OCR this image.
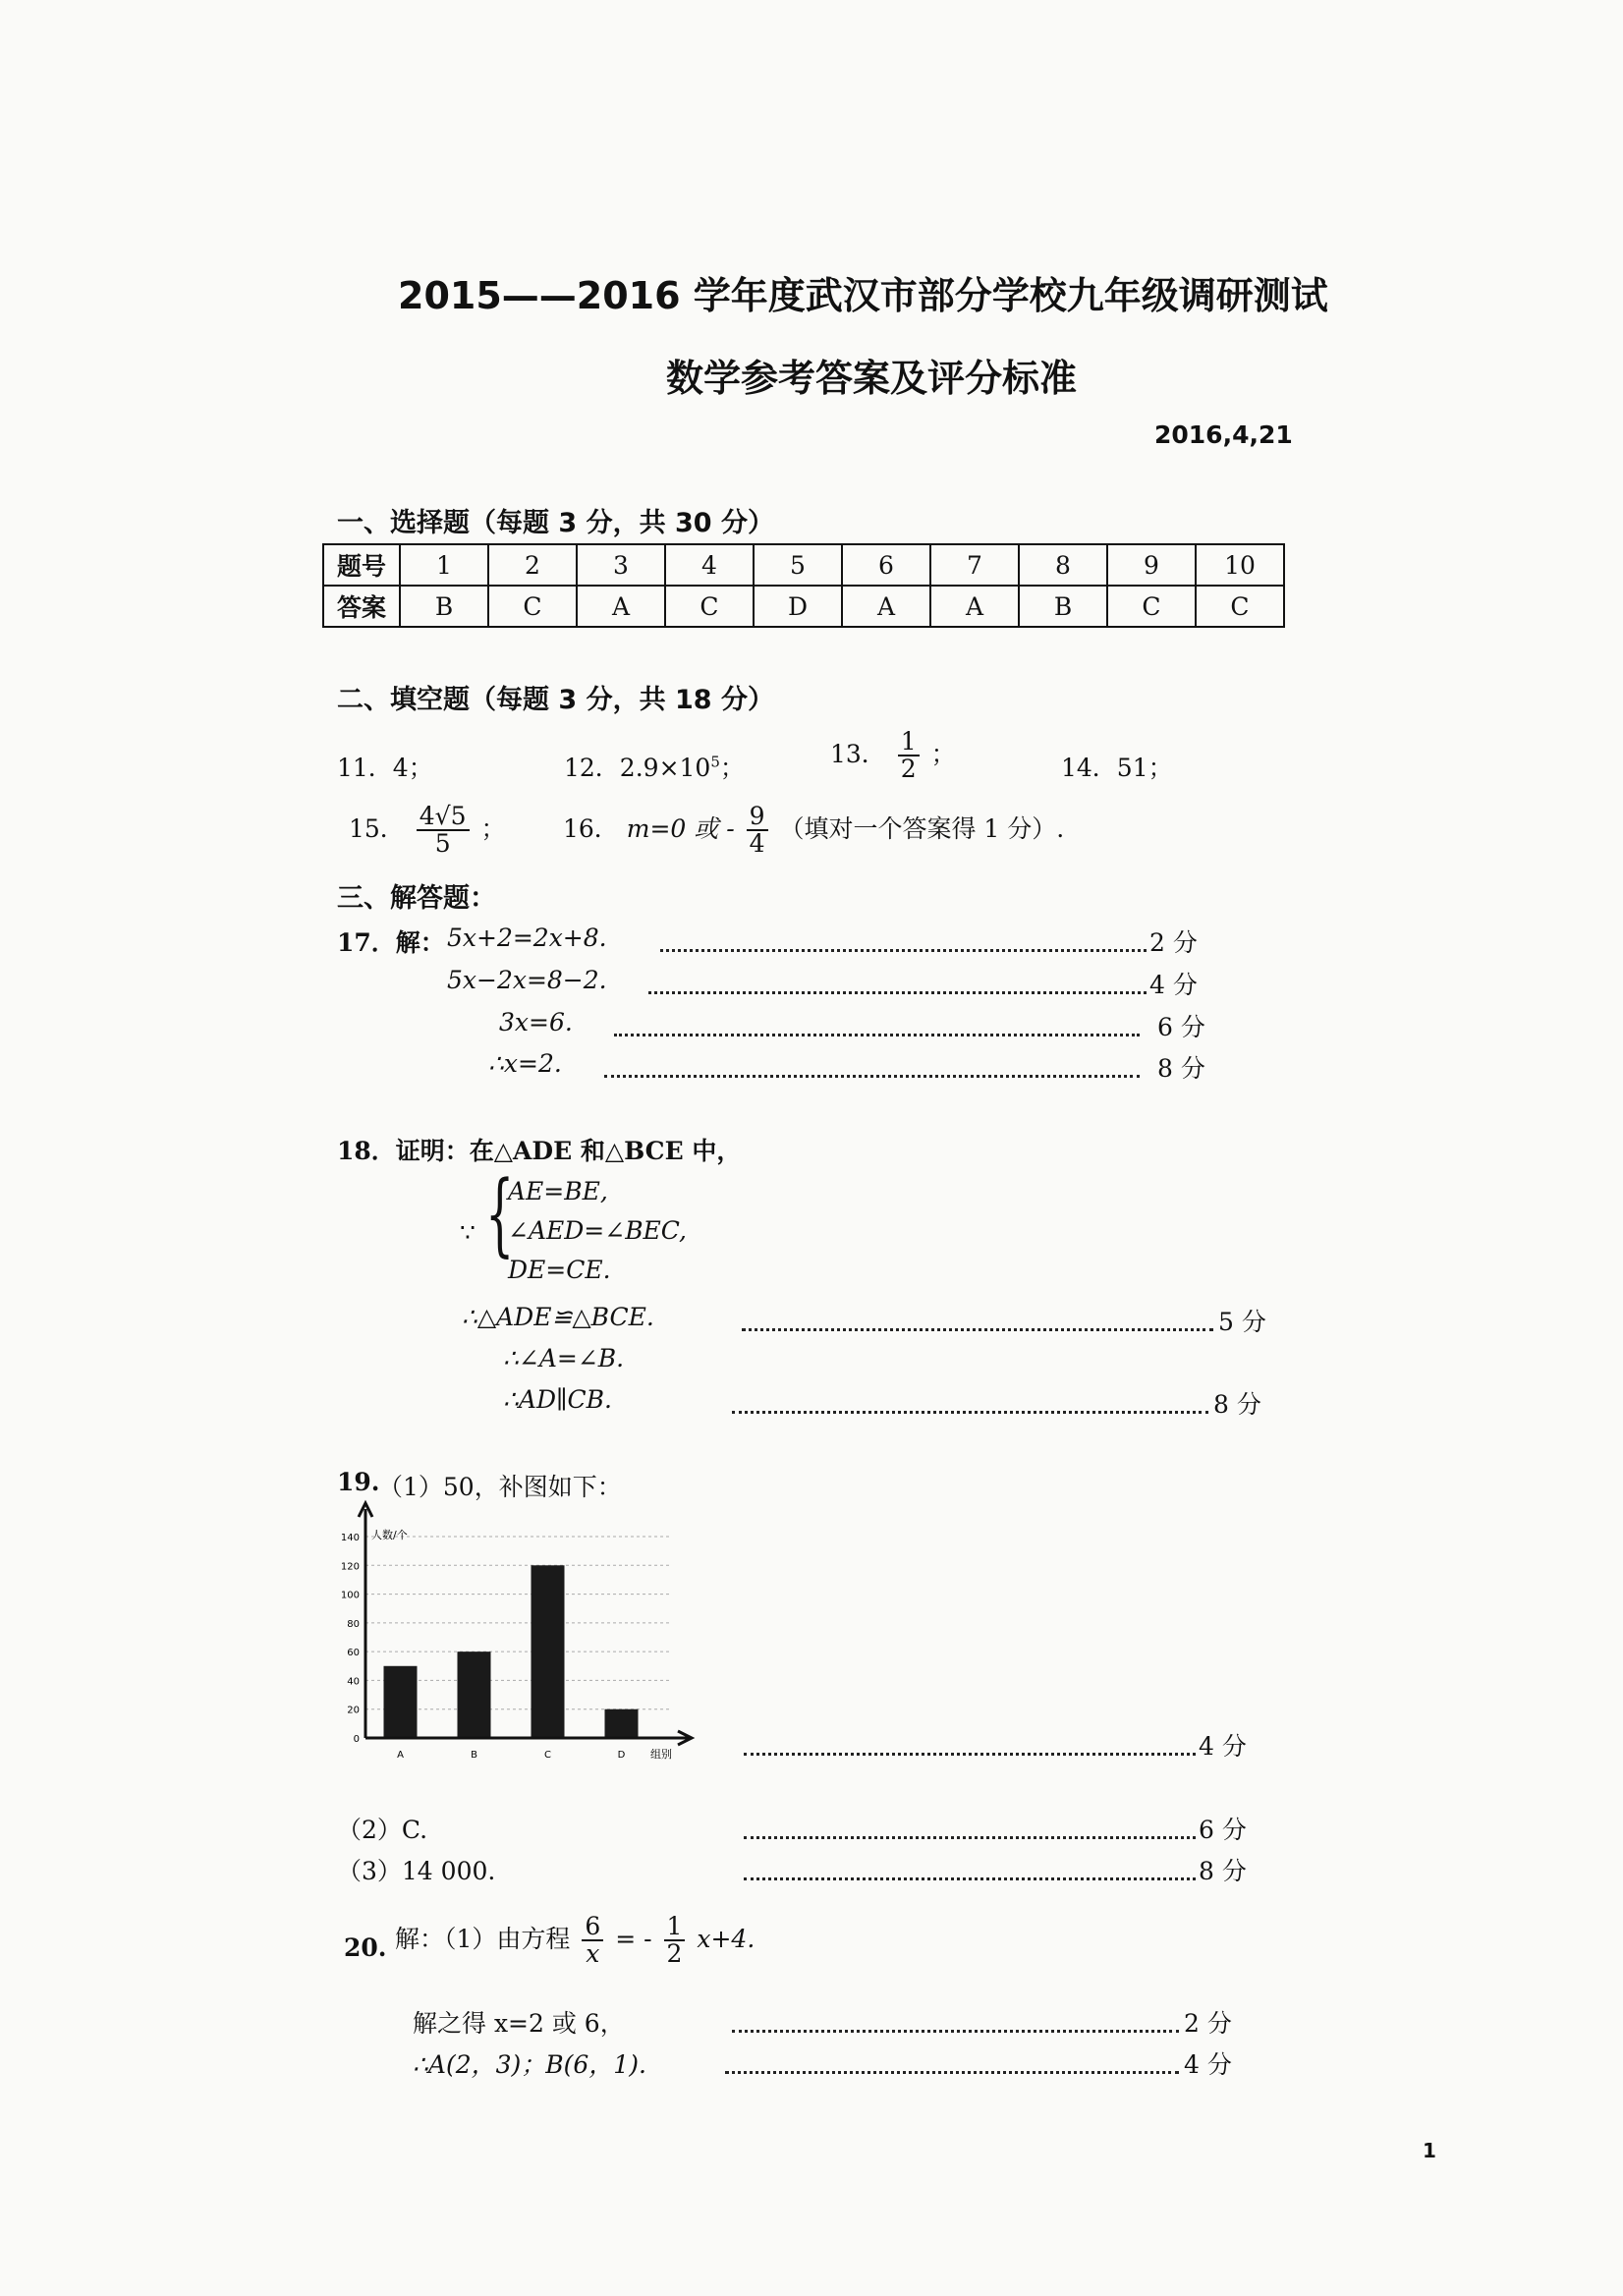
2015——2016 学年度武汉市部分学校九年级调研测试
数学参考答案及评分标准
2016,4,21
一、选择题（每题 3 分，共 30 分）
题号	1	2	3	4	5	6	7	8	9	10
答案	B	C	A	C	D	A	A	B	C	C
二、填空题（每题 3 分，共 18 分）
11．4；	12．$2.9\times 10^5$；	13． $\frac{1}{2}$ ；	14．51；
15． $\frac{4√5}{5}$ ； 16． m=0 或 - $\frac{9}{4}$ （填对一个答案得 1 分）.
三、解答题：
17．解： 5x+2=2x+8.	2 分
5x−2x=8−2.	4 分
3x=6.	6 分
∴x=2.	8 分
18．证明：在△ADE 和△BCE 中，
∵ {
AE=BE,
∠AED=∠BEC,
DE=CE.
∴△ADE≌△BCE.	5 分
∴∠A=∠B.
∴AD∥CB.	8 分
19.
（1）50，补图如下：
0
20
40
60
80
100
120
140
A	B	C	D
人数/个
组别	4 分
（2）C.	6 分
（3）14 000.	8 分
20. 解：（1）由方程 $\frac{6}{x}$ = - $\frac{1}{2} x+4$.
解之得 x=2 或 6，	2 分
∴A(2，3)；B(6，1).	4 分
1
